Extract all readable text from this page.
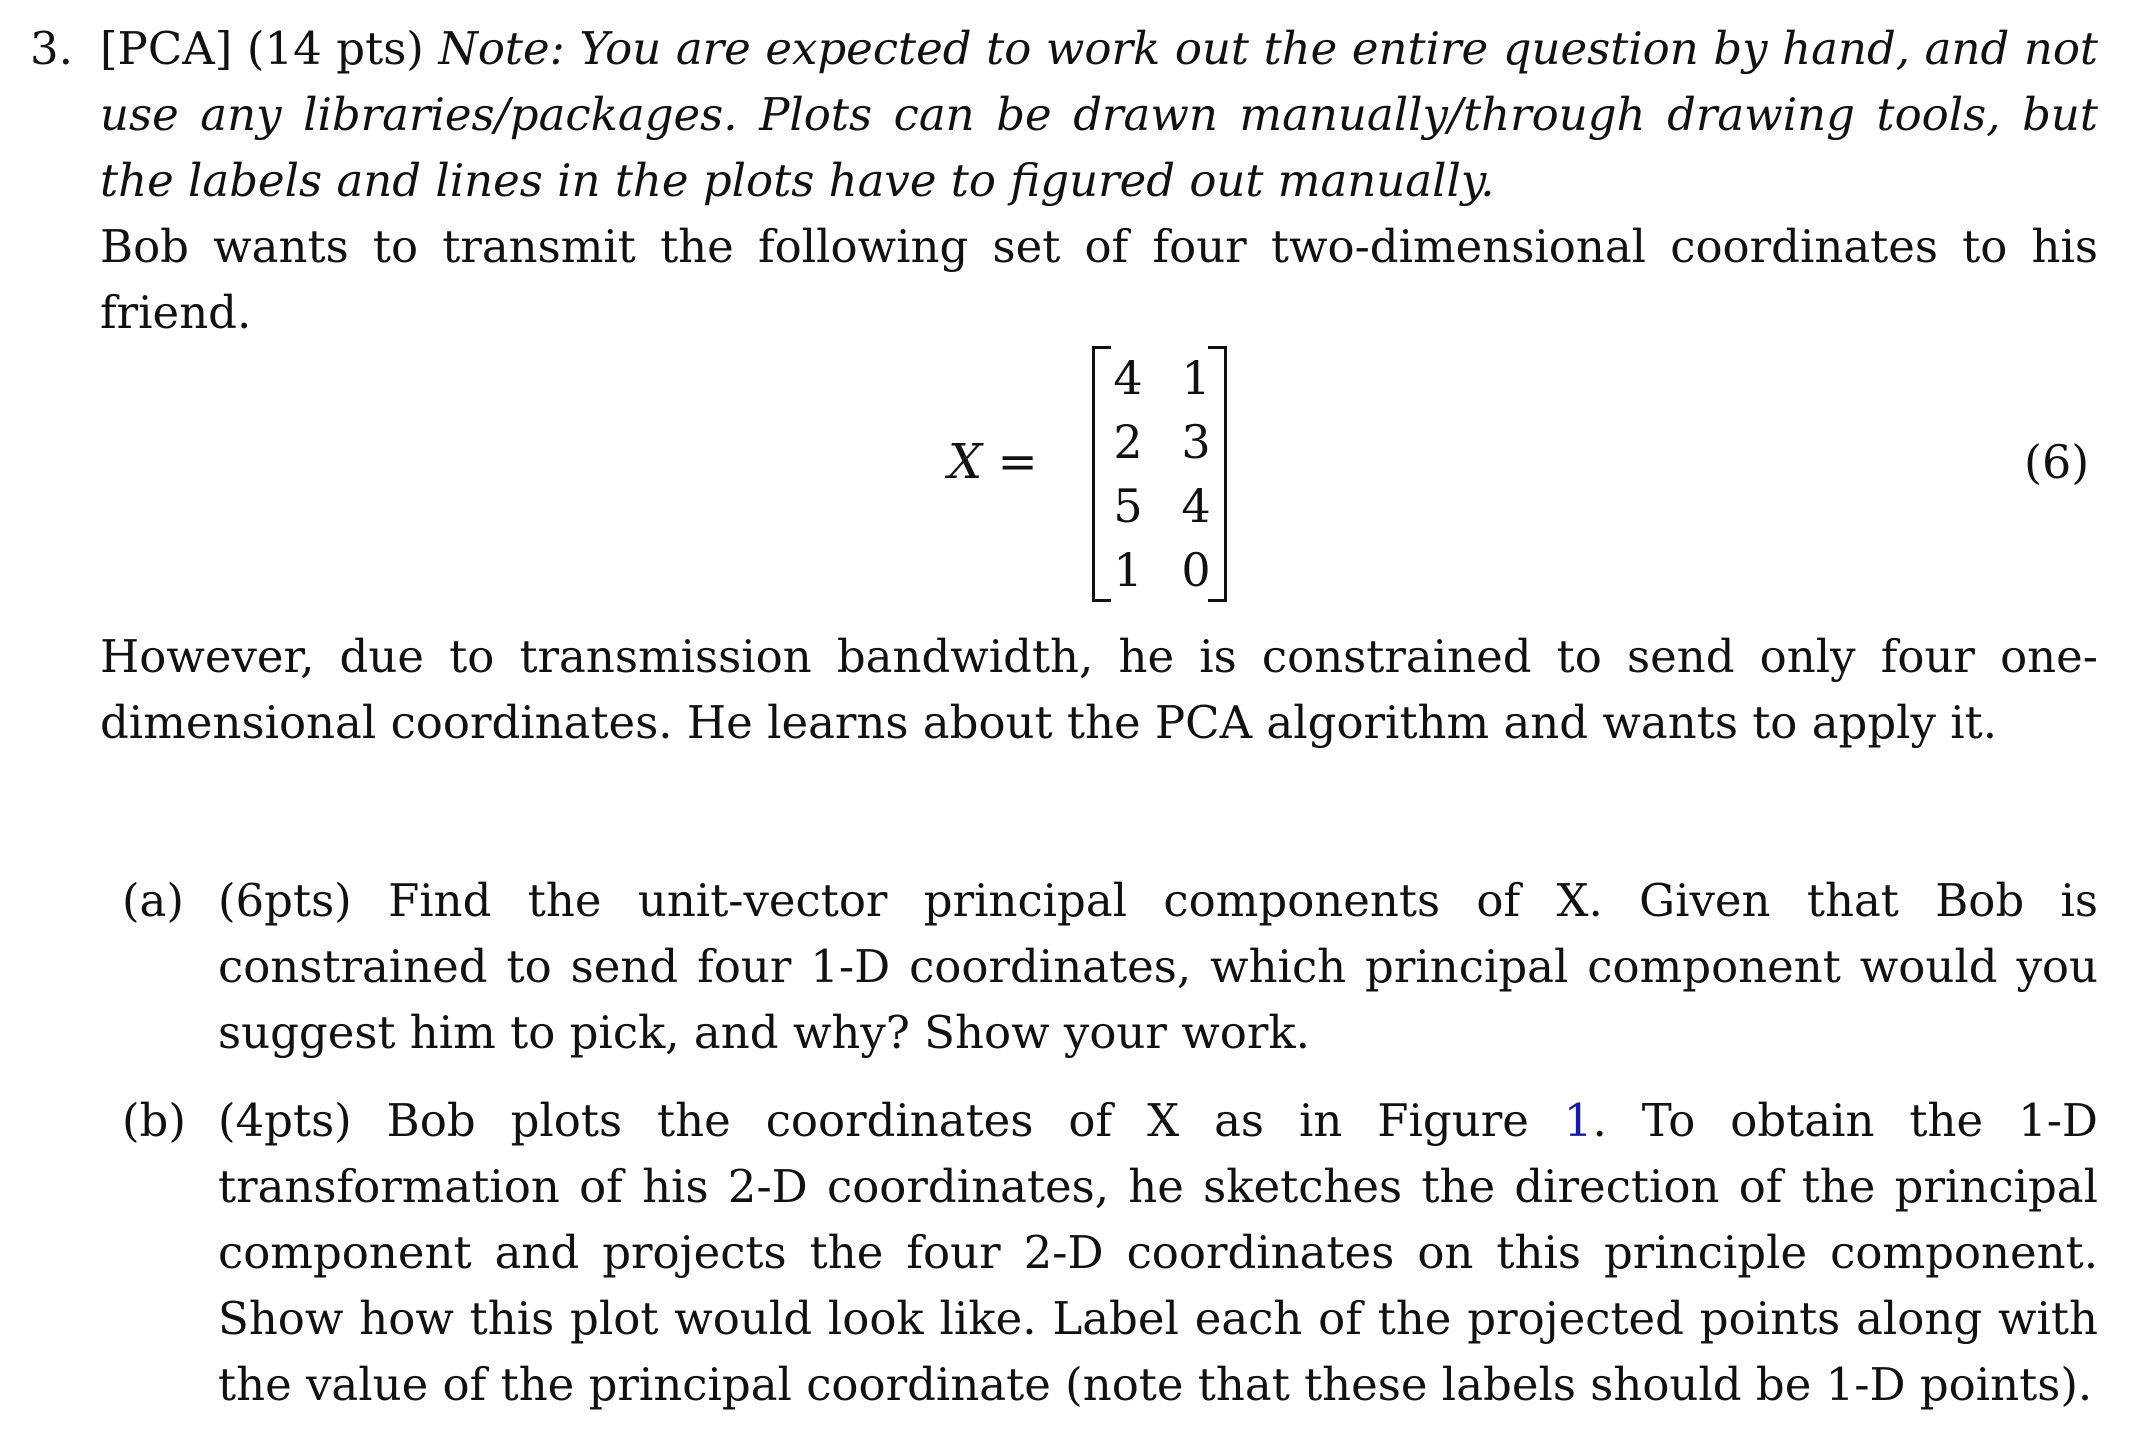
3. [PCA] (14 pts) Note: You are expected to work out the entire question by hand, and not use any libraries/packages. Plots can be drawn manually/through drawing tools, but the labels and lines in the plots have to figured out manually.
Bob wants to transmit the following set of four two-dimensional coordinates to his friend.
X =
4 1
2 3
5 4
1 0
(6)
However, due to transmission bandwidth, he is constrained to send only four one-dimensional coordinates. He learns about the PCA algorithm and wants to apply it.
(a) (6pts) Find the unit-vector principal components of X. Given that Bob is constrained to send four 1-D coordinates, which principal component would you suggest him to pick, and why? Show your work.
(b) (4pts) Bob plots the coordinates of X as in Figure 1. To obtain the 1-D transformation of his 2-D coordinates, he sketches the direction of the principal component and projects the four 2-D coordinates on this principle component. Show how this plot would look like. Label each of the projected points along with the value of the principal coordinate (note that these labels should be 1-D points).
